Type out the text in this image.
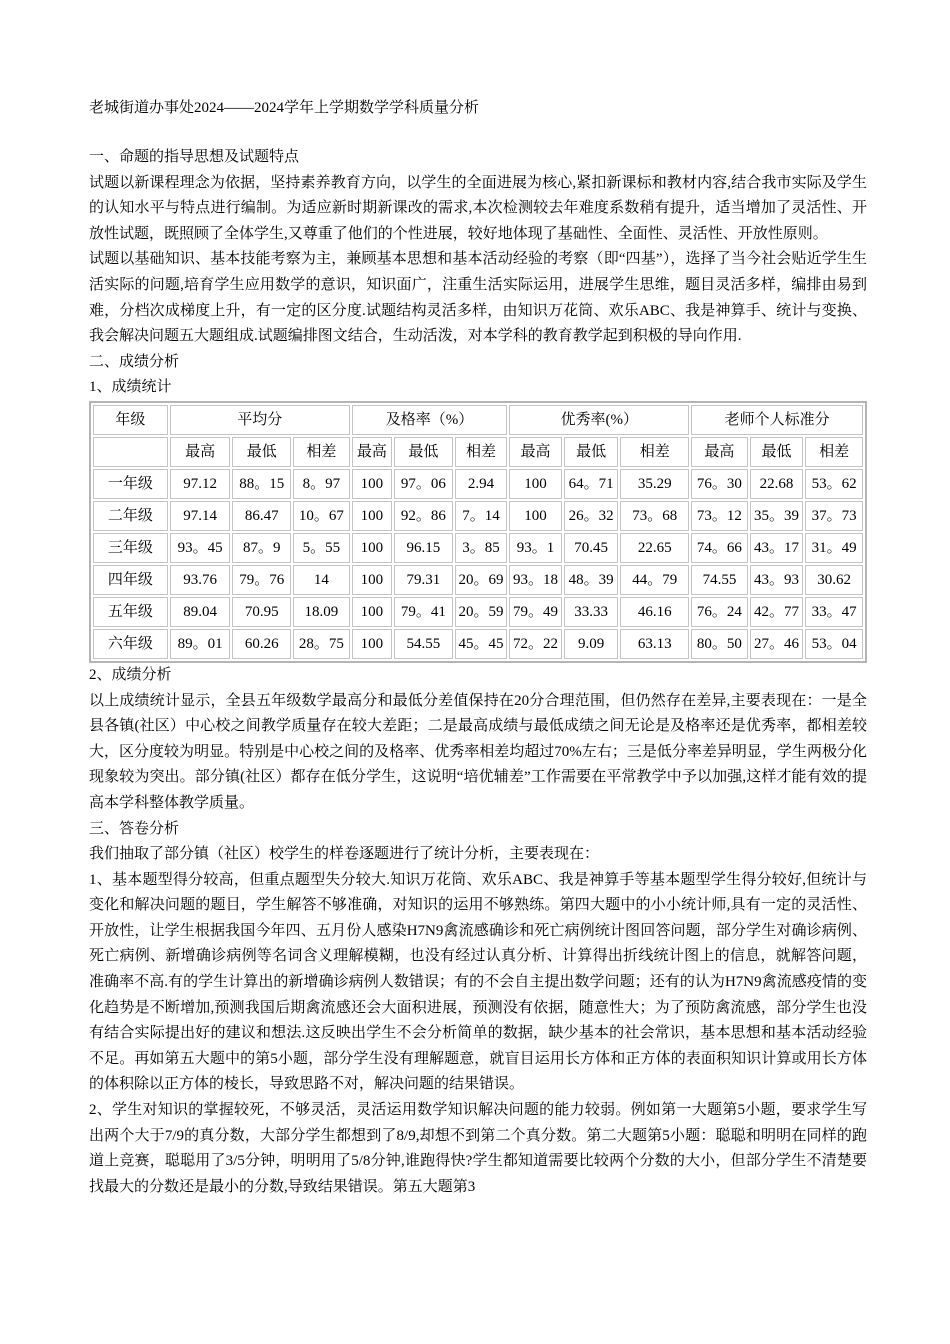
老城街道办事处2024——2024学年上学期数学学科质量分析

一、命题的指导思想及试题特点

试题以新课程理念为依据，坚持素养教育方向，以学生的全面进展为核心,紧扣新课标和教材内容,结合我市实际及学生的认知水平与特点进行编制。为适应新时期新课改的需求,本次检测较去年难度系数稍有提升，适当增加了灵活性、开放性试题，既照顾了全体学生,又尊重了他们的个性进展，较好地体现了基础性、全面性、灵活性、开放性原则。

试题以基础知识、基本技能考察为主，兼顾基本思想和基本活动经验的考察（即“四基”），选择了当今社会贴近学生生活实际的问题,培育学生应用数学的意识，知识面广，注重生活实际运用，进展学生思维，题目灵活多样，编排由易到难，分档次成梯度上升，有一定的区分度.试题结构灵活多样，由知识万花筒、欢乐ABC、我是神算手、统计与变换、我会解决问题五大题组成.试题编排图文结合，生动活泼，对本学科的教育教学起到积极的导向作用.

二、成绩分析

1、成绩统计

年级	平均分			及格率（%）			优秀率(%）			老师个人标准分		
	最高	最低	相差	最高	最低	相差	最高	最低	相差	最高	最低	相差
一年级	97.12	88。15	8。97	100	97。06	2.94	100	64。71	35.29	76。30	22.68	53。62
二年级	97.14	86.47	10。67	100	92。86	7。14	100	26。32	73。68	73。12	35。39	37。73
三年级	93。45	87。9	5。55	100	96.15	3。85	93。1	70.45	22.65	74。66	43。17	31。49
四年级	93.76	79。76	14	100	79.31	20。69	93。18	48。39	44。79	74.55	43。93	30.62
五年级	89.04	70.95	18.09	100	79。41	20。59	79。49	33.33	46.16	76。24	42。77	33。47
六年级	89。01	60.26	28。75	100	54.55	45。45	72。22	9.09	63.13	80。50	27。46	53。04

2、成绩分析

以上成绩统计显示，全县五年级数学最高分和最低分差值保持在20分合理范围，但仍然存在差异,主要表现在：一是全县各镇(社区）中心校之间教学质量存在较大差距；二是最高成绩与最低成绩之间无论是及格率还是优秀率，都相差较大，区分度较为明显。特别是中心校之间的及格率、优秀率相差均超过70%左右；三是低分率差异明显，学生两极分化现象较为突出。部分镇(社区）都存在低分学生，这说明“培优辅差”工作需要在平常教学中予以加强,这样才能有效的提高本学科整体教学质量。

三、答卷分析

我们抽取了部分镇（社区）校学生的样卷逐题进行了统计分析，主要表现在：

1、基本题型得分较高，但重点题型失分较大.知识万花筒、欢乐ABC、我是神算手等基本题型学生得分较好,但统计与变化和解决问题的题目，学生解答不够准确，对知识的运用不够熟练。第四大题中的小小统计师,具有一定的灵活性、开放性，让学生根据我国今年四、五月份人感染H7N9禽流感确诊和死亡病例统计图回答问题，部分学生对确诊病例、死亡病例、新增确诊病例等名词含义理解模糊，也没有经过认真分析、计算得出折线统计图上的信息，就解答问题，准确率不高.有的学生计算出的新增确诊病例人数错误；有的不会自主提出数学问题；还有的认为H7N9禽流感疫情的变化趋势是不断增加,预测我国后期禽流感还会大面积进展，预测没有依据，随意性大；为了预防禽流感，部分学生也没有结合实际提出好的建议和想法.这反映出学生不会分析简单的数据，缺少基本的社会常识，基本思想和基本活动经验不足。再如第五大题中的第5小题，部分学生没有理解题意，就盲目运用长方体和正方体的表面积知识计算或用长方体的体积除以正方体的棱长，导致思路不对，解决问题的结果错误。

2、学生对知识的掌握较死，不够灵活，灵活运用数学知识解决问题的能力较弱。例如第一大题第5小题，要求学生写出两个大于7/9的真分数，大部分学生都想到了8/9,却想不到第二个真分数。第二大题第5小题：聪聪和明明在同样的跑道上竞赛，聪聪用了3/5分钟，明明用了5/8分钟,谁跑得快?学生都知道需要比较两个分数的大小，但部分学生不清楚要找最大的分数还是最小的分数,导致结果错误。第五大题第3
